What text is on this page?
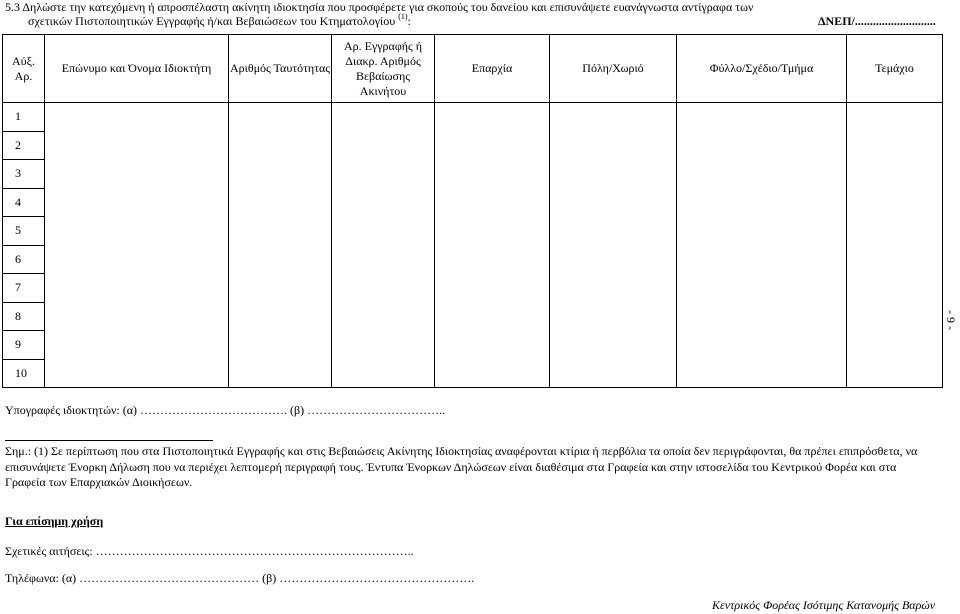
5.3 Δηλώστε την κατεχόμενη ή απροσπέλαστη ακίνητη ιδιοκτησία που προσφέρετε για σκοπούς του δανείου και επισυνάψετε ευανάγνωστα αντίγραφα των
σχετικών Πιστοποιητικών Εγγραφής ή/και Βεβαιώσεων του Κτηματολογίου $^{(1)}$:	ΔΝΕΠ/...........................
Αύξ. Αρ.	Επώνυμο και Όνομα Ιδιοκτήτη	Αριθμός Ταυτότητας	Αρ. Εγγραφής ή Διακρ. Αριθμός Βεβαίωσης Ακινήτου	Επαρχία	Πόλη/Χωριό	Φύλλο/Σχέδιο/Τμήμα	Τεμάχιο
1							
2							
3							
4							
5							
6							
7							
8							
9							
10							
- 9 -
Υπογραφές ιδιοκτητών: (α) ………………………………. (β) ……………………………..
Σημ.: (1) Σε περίπτωση που στα Πιστοποιητικά Εγγραφής και στις Βεβαιώσεις Ακίνητης Ιδιοκτησίας αναφέρονται κτίρια ή περβόλια τα οποία δεν περιγράφονται, θα πρέπει επιπρόσθετα, να επισυνάψετε Ένορκη Δήλωση που να περιέχει λεπτομερή περιγραφή τους. Έντυπα Ένορκων Δηλώσεων είναι διαθέσιμα στα Γραφεία και στην ιστοσελίδα του Κεντρικού Φορέα και στα Γραφεία των Επαρχιακών Διοικήσεων.
Για επίσημη χρήση
Σχετικές αιτήσεις: ……………………………………………………………………..
Τηλέφωνα: (α) ……………………………………… (β) ………………………………………….
Κεντρικός Φορέας Ισότιμης Κατανομής Βαρών
